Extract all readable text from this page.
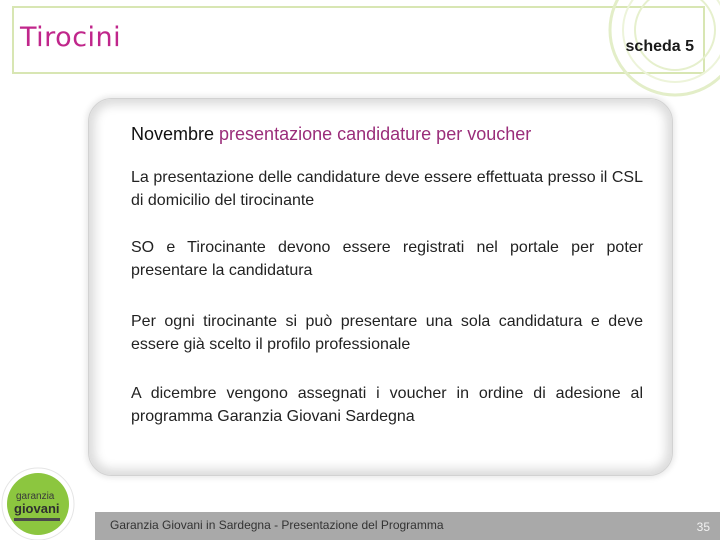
Tirocini	scheda 5
Novembre presentazione candidature per voucher
La presentazione delle candidature deve essere effettuata presso il CSL di domicilio del tirocinante
SO e Tirocinante devono essere registrati nel portale per poter presentare la candidatura
Per ogni tirocinante si può presentare una sola candidatura e deve essere già scelto il profilo professionale
A dicembre vengono assegnati i voucher in ordine di adesione al programma Garanzia Giovani Sardegna
Garanzia Giovani in Sardegna - Presentazione del Programma	35
garanzia
giovani
